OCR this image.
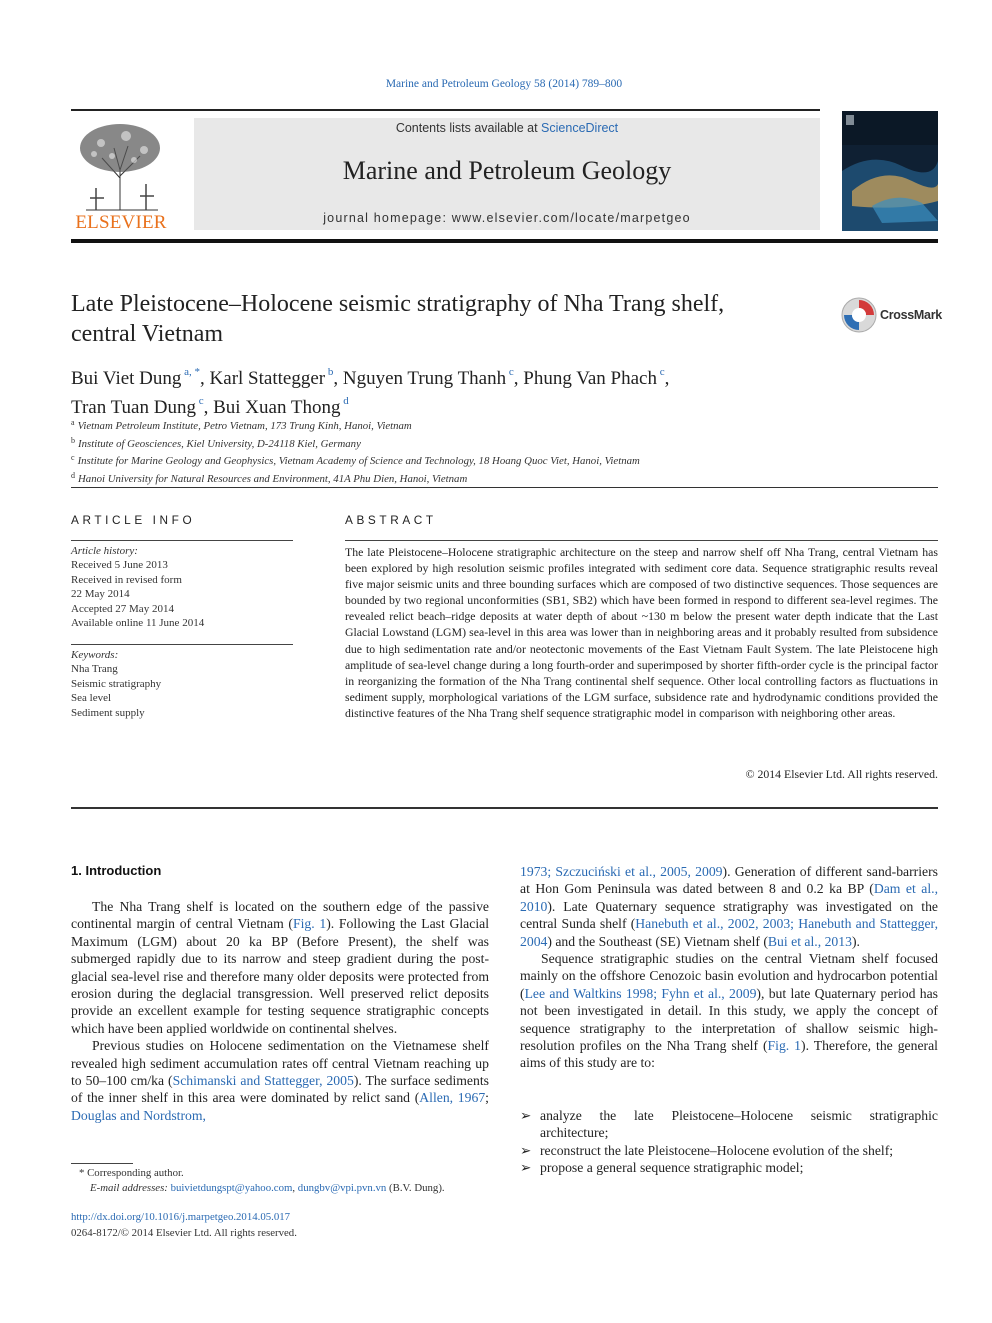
Marine and Petroleum Geology 58 (2014) 789–800
ELSEVIER
Contents lists available at ScienceDirect
Marine and Petroleum Geology
journal homepage: www.elsevier.com/locate/marpetgeo
Late Pleistocene–Holocene seismic stratigraphy of Nha Trang shelf,
central Vietnam
CrossMark
Bui Viet Dung $^{a, *}$, Karl Stattegger $^b$, Nguyen Trung Thanh $^c$, Phung Van Phach $^c$,
Tran Tuan Dung $^c$, Bui Xuan Thong $^d$
$^a$ Vietnam Petroleum Institute, Petro Vietnam, 173 Trung Kinh, Hanoi, Vietnam
$^b$ Institute of Geosciences, Kiel University, D-24118 Kiel, Germany
$^c$ Institute for Marine Geology and Geophysics, Vietnam Academy of Science and Technology, 18 Hoang Quoc Viet, Hanoi, Vietnam
$^d$ Hanoi University for Natural Resources and Environment, 41A Phu Dien, Hanoi, Vietnam
ARTICLE INFO
Article history:
Received 5 June 2013
Received in revised form
22 May 2014
Accepted 27 May 2014
Available online 11 June 2014
Keywords:
Nha Trang
Seismic stratigraphy
Sea level
Sediment supply
ABSTRACT
The late Pleistocene–Holocene stratigraphic architecture on the steep and narrow shelf off Nha Trang, central Vietnam has been explored by high resolution seismic profiles integrated with sediment core data. Sequence stratigraphic results reveal five major seismic units and three bounding surfaces which are composed of two distinctive sequences. Those sequences are bounded by two regional unconformities (SB1, SB2) which have been formed in respond to different sea-level regimes. The revealed relict beach–ridge deposits at water depth of about ~130 m below the present water depth indicate that the Last Glacial Lowstand (LGM) sea-level in this area was lower than in neighboring areas and it probably resulted from subsidence due to high sedimentation rate and/or neotectonic movements of the East Vietnam Fault System. The late Pleistocene high amplitude of sea-level change during a long fourth-order and superimposed by shorter fifth-order cycle is the principal factor in reorganizing the formation of the Nha Trang continental shelf sequence. Other local controlling factors as fluctuations in sediment supply, morphological variations of the LGM surface, subsidence rate and hydrodynamic conditions provided the distinctive features of the Nha Trang shelf sequence stratigraphic model in comparison with neighboring other areas.
© 2014 Elsevier Ltd. All rights reserved.
1. Introduction

The Nha Trang shelf is located on the southern edge of the passive continental margin of central Vietnam (Fig. 1). Following the Last Glacial Maximum (LGM) about 20 ka BP (Before Present), the shelf was submerged rapidly due to its narrow and steep gradient during the post-glacial sea-level rise and therefore many older deposits were protected from erosion during the deglacial transgression. Well preserved relict deposits provide an excellent example for testing sequence stratigraphic concepts which have been applied worldwide on continental shelves.

Previous studies on Holocene sedimentation on the Vietnamese shelf revealed high sediment accumulation rates off central Vietnam reaching up to 50–100 cm/ka (Schimanski and Stattegger, 2005). The surface sediments of the inner shelf in this area were dominated by relict sand (Allen, 1967; Douglas and Nordstrom,

1973; Szczuciński et al., 2005, 2009). Generation of different sand-barriers at Hon Gom Peninsula was dated between 8 and 0.2 ka BP (Dam et al., 2010). Late Quaternary sequence stratigraphy was investigated on the central Sunda shelf (Hanebuth et al., 2002, 2003; Hanebuth and Stattegger, 2004) and the Southeast (SE) Vietnam shelf (Bui et al., 2013).

Sequence stratigraphic studies on the central Vietnam shelf focused mainly on the offshore Cenozoic basin evolution and hydrocarbon potential (Lee and Waltkins 1998; Fyhn et al., 2009), but late Quaternary period has not been investigated in detail. In this study, we apply the concept of sequence stratigraphy to the interpretation of shallow seismic high-resolution profiles on the Nha Trang shelf (Fig. 1). Therefore, the general aims of this study are to:

➢ analyze the late Pleistocene–Holocene seismic stratigraphic architecture;
➢ reconstruct the late Pleistocene–Holocene evolution of the shelf;
➢ propose a general sequence stratigraphic model;
* Corresponding author.
E-mail addresses: buivietdungspt@yahoo.com, dungbv@vpi.pvn.vn (B.V. Dung).
http://dx.doi.org/10.1016/j.marpetgeo.2014.05.017
0264-8172/© 2014 Elsevier Ltd. All rights reserved.
